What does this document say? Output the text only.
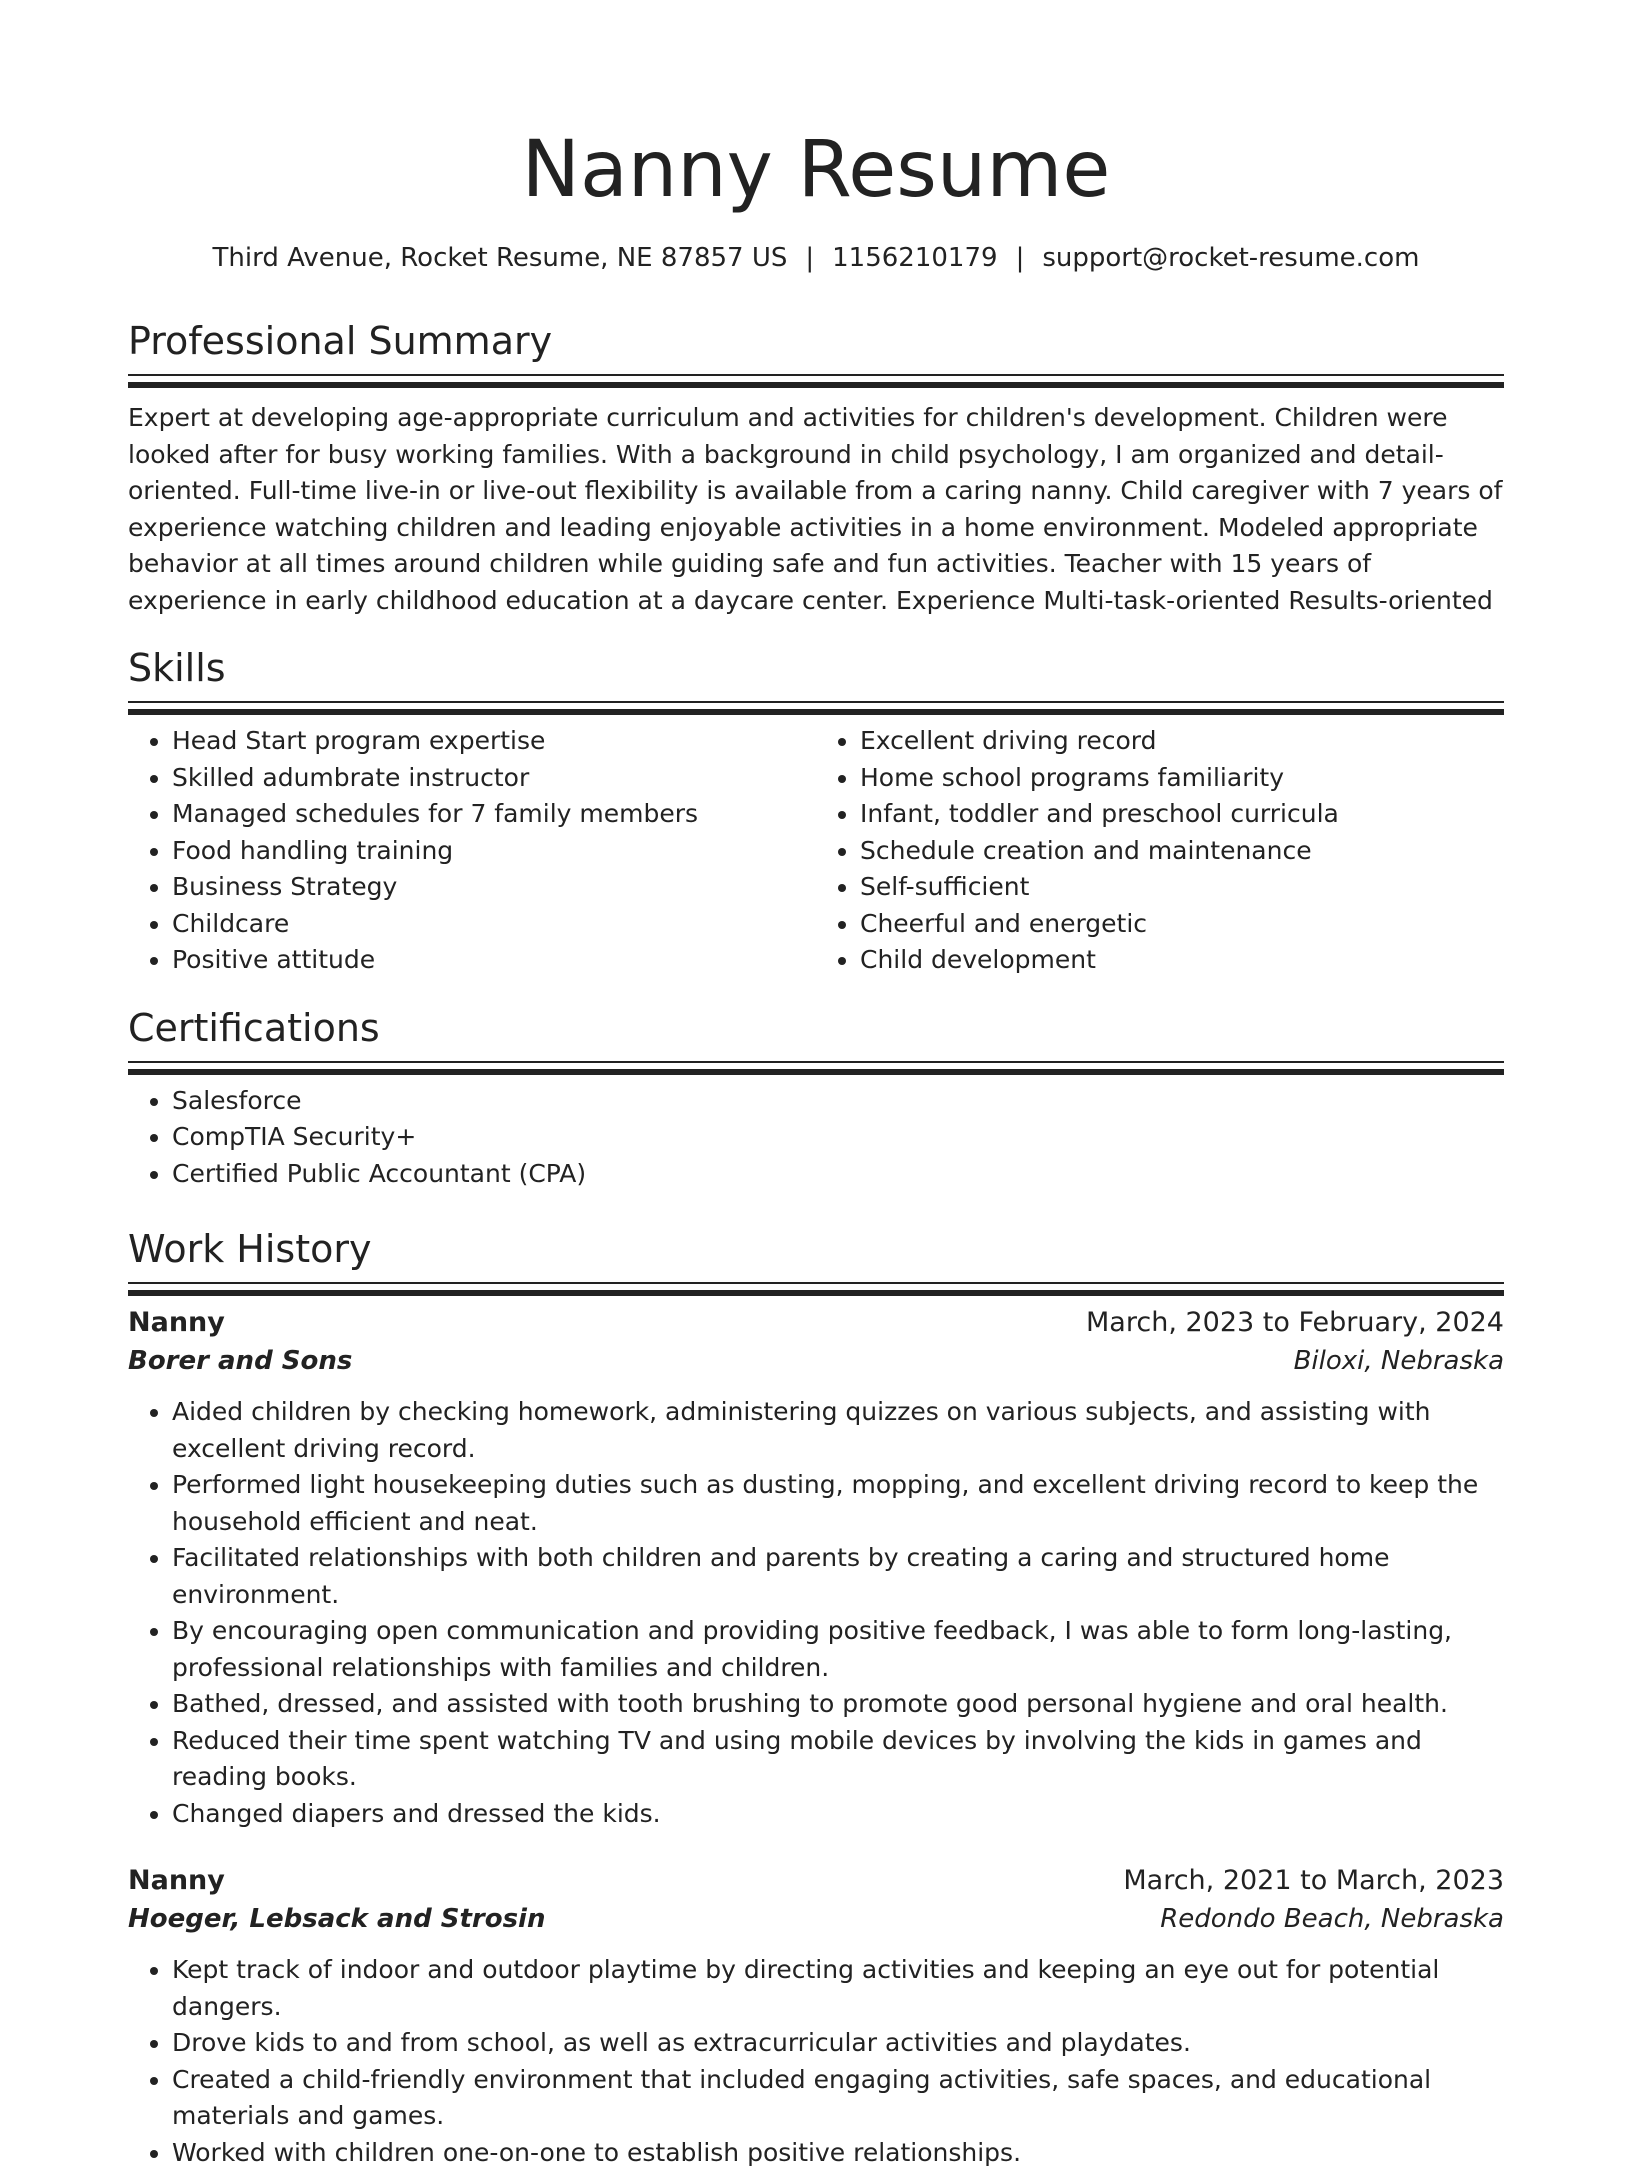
Nanny Resume
Third Avenue, Rocket Resume, NE 87857 US | 1156210179 | support@rocket-resume.com
Professional Summary
Expert at developing age-appropriate curriculum and activities for children's development. Children were looked after for busy working families. With a background in child psychology, I am organized and detail-oriented. Full-time live-in or live-out flexibility is available from a caring nanny. Child caregiver with 7 years of experience watching children and leading enjoyable activities in a home environment. Modeled appropriate behavior at all times around children while guiding safe and fun activities. Teacher with 15 years of experience in early childhood education at a daycare center. Experience Multi-task-oriented Results-oriented
Skills
• Head Start program expertise
• Skilled adumbrate instructor
• Managed schedules for 7 family members
• Food handling training
• Business Strategy
• Childcare
• Positive attitude
• Excellent driving record
• Home school programs familiarity
• Infant, toddler and preschool curricula
• Schedule creation and maintenance
• Self-sufficient
• Cheerful and energetic
• Child development
Certifications
• Salesforce
• CompTIA Security+
• Certified Public Accountant (CPA)
Work History
Nanny	March, 2023 to February, 2024
Borer and Sons	Biloxi, Nebraska
• Aided children by checking homework, administering quizzes on various subjects, and assisting with excellent driving record.
• Performed light housekeeping duties such as dusting, mopping, and excellent driving record to keep the household efficient and neat.
• Facilitated relationships with both children and parents by creating a caring and structured home environment.
• By encouraging open communication and providing positive feedback, I was able to form long-lasting, professional relationships with families and children.
• Bathed, dressed, and assisted with tooth brushing to promote good personal hygiene and oral health.
• Reduced their time spent watching TV and using mobile devices by involving the kids in games and reading books.
• Changed diapers and dressed the kids.
Nanny	March, 2021 to March, 2023
Hoeger, Lebsack and Strosin	Redondo Beach, Nebraska
• Kept track of indoor and outdoor playtime by directing activities and keeping an eye out for potential dangers.
• Drove kids to and from school, as well as extracurricular activities and playdates.
• Created a child-friendly environment that included engaging activities, safe spaces, and educational materials and games.
• Worked with children one-on-one to establish positive relationships.
